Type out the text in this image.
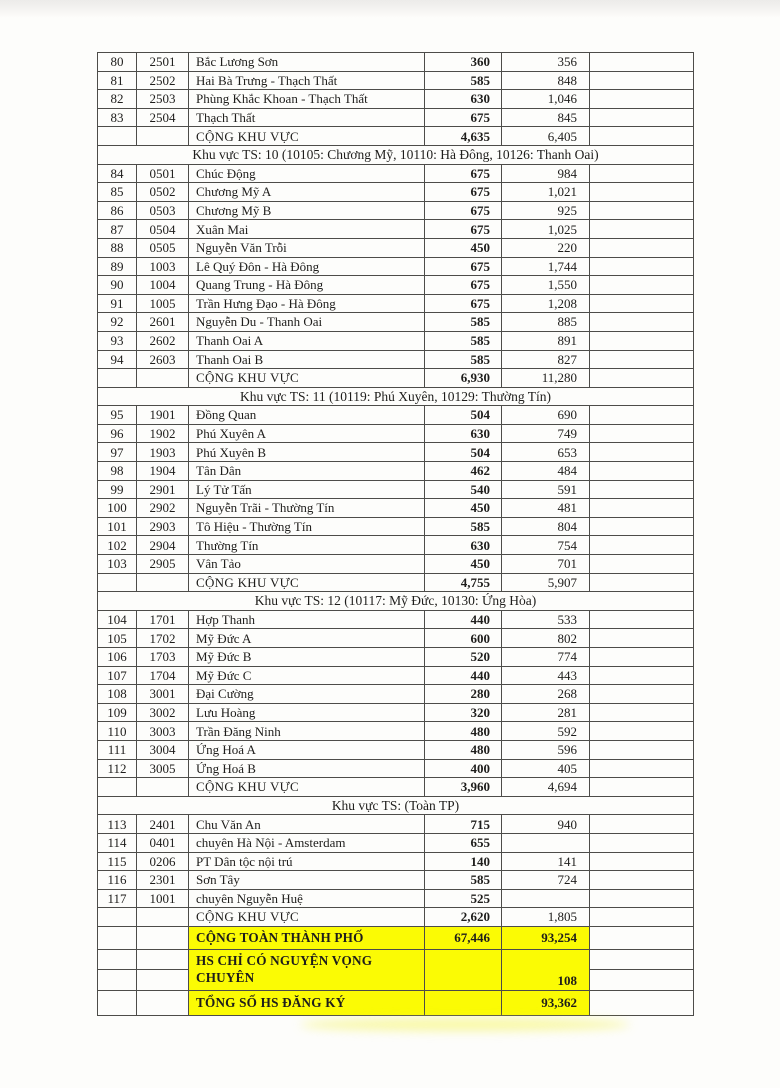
80	2501	Bắc Lương Sơn	360	356	
81	2502	Hai Bà Trưng - Thạch Thất	585	848	
82	2503	Phùng Khắc Khoan - Thạch Thất	630	1,046	
83	2504	Thạch Thất	675	845	
		CỘNG KHU VỰC	4,635	6,405	
Khu vực TS: 10 (10105: Chương Mỹ, 10110: Hà Đông, 10126: Thanh Oai)					
84	0501	Chúc Động	675	984	
85	0502	Chương Mỹ A	675	1,021	
86	0503	Chương Mỹ B	675	925	
87	0504	Xuân Mai	675	1,025	
88	0505	Nguyễn Văn Trỗi	450	220	
89	1003	Lê Quý Đôn - Hà Đông	675	1,744	
90	1004	Quang Trung - Hà Đông	675	1,550	
91	1005	Trần Hưng Đạo - Hà Đông	675	1,208	
92	2601	Nguyễn Du - Thanh Oai	585	885	
93	2602	Thanh Oai A	585	891	
94	2603	Thanh Oai B	585	827	
		CỘNG KHU VỰC	6,930	11,280	
Khu vực TS: 11 (10119: Phú Xuyên, 10129: Thường Tín)					
95	1901	Đồng Quan	504	690	
96	1902	Phú Xuyên A	630	749	
97	1903	Phú Xuyên B	504	653	
98	1904	Tân Dân	462	484	
99	2901	Lý Tử Tấn	540	591	
100	2902	Nguyễn Trãi - Thường Tín	450	481	
101	2903	Tô Hiệu - Thường Tín	585	804	
102	2904	Thường Tín	630	754	
103	2905	Vân Tảo	450	701	
		CỘNG KHU VỰC	4,755	5,907	
Khu vực TS: 12 (10117: Mỹ Đức, 10130: Ứng Hòa)					
104	1701	Hợp Thanh	440	533	
105	1702	Mỹ Đức A	600	802	
106	1703	Mỹ Đức B	520	774	
107	1704	Mỹ Đức C	440	443	
108	3001	Đại Cường	280	268	
109	3002	Lưu Hoàng	320	281	
110	3003	Trần Đăng Ninh	480	592	
111	3004	Ứng Hoá A	480	596	
112	3005	Ứng Hoá B	400	405	
		CỘNG KHU VỰC	3,960	4,694	
Khu vực TS: (Toàn TP)					
113	2401	Chu Văn An	715	940	
114	0401	chuyên Hà Nội - Amsterdam	655		
115	0206	PT Dân tộc nội trú	140	141	
116	2301	Sơn Tây	585	724	
117	1001	chuyên Nguyễn Huệ	525		
		CỘNG KHU VỰC	2,620	1,805	
		CỘNG TOÀN THÀNH PHỐ	67,446	93,254	
		HS CHỈ CÓ NGUYỆN VỌNG CHUYÊN		108	

		TỔNG SỐ HS ĐĂNG KÝ		93,362	
